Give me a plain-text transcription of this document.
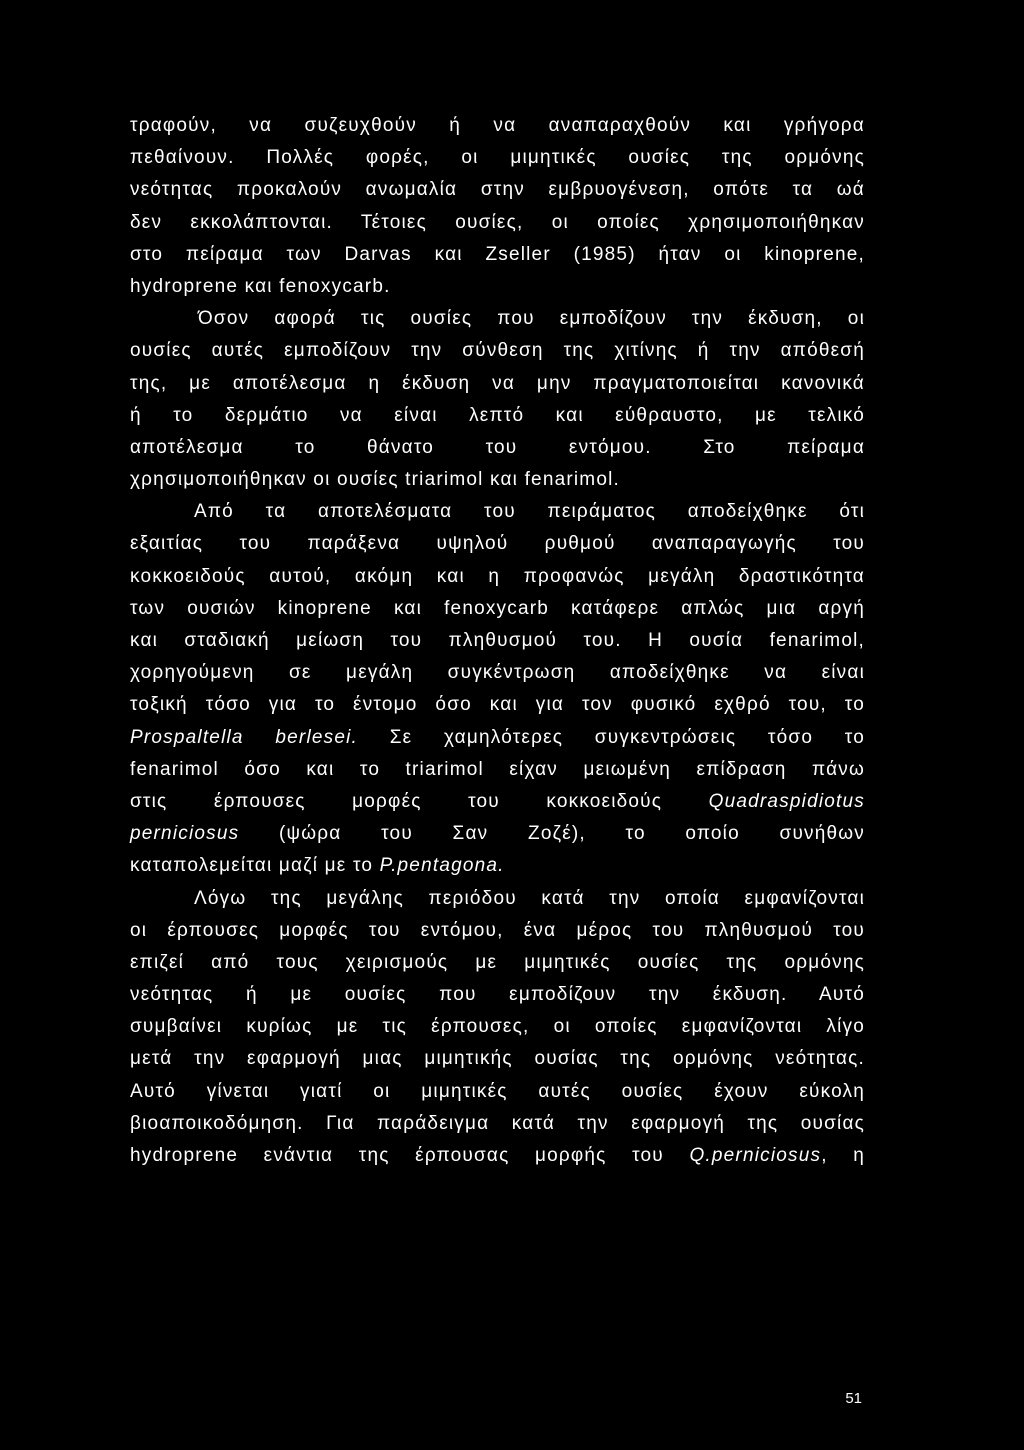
τραφούν, να συζευχθούν ή να αναπαραχθούν και γρήγορα
πεθαίνουν. Πολλές φορές, οι μιμητικές ουσίες της ορμόνης
νεότητας προκαλούν ανωμαλία στην εμβρυογένεση, οπότε τα ωά
δεν εκκολάπτονται. Τέτοιες ουσίες, οι οποίες χρησιμοποιήθηκαν
στο πείραμα των Darvas και Zseller (1985) ήταν οι kinoprene,
hydroprene και fenoxycarb.
Όσον αφορά τις ουσίες που εμποδίζουν την έκδυση, οι
ουσίες αυτές εμποδίζουν την σύνθεση της χιτίνης ή την απόθεσή
της, με αποτέλεσμα η έκδυση να μην πραγματοποιείται κανονικά
ή το δερμάτιο να είναι λεπτό και εύθραυστο, με τελικό
αποτέλεσμα το θάνατο του εντόμου. Στο πείραμα
χρησιμοποιήθηκαν οι ουσίες triarimol και fenarimol.
Από τα αποτελέσματα του πειράματος αποδείχθηκε ότι
εξαιτίας του παράξενα υψηλού ρυθμού αναπαραγωγής του
κοκκοειδούς αυτού, ακόμη και η προφανώς μεγάλη δραστικότητα
των ουσιών kinoprene και fenoxycarb κατάφερε απλώς μια αργή
και σταδιακή μείωση του πληθυσμού του. Η ουσία fenarimol,
χορηγούμενη σε μεγάλη συγκέντρωση αποδείχθηκε να είναι
τοξική τόσο για το έντομο όσο και για τον φυσικό εχθρό του, το
Prospaltella berlesei. Σε χαμηλότερες συγκεντρώσεις τόσο το
fenarimol όσο και το triarimol είχαν μειωμένη επίδραση πάνω
στις έρπουσες μορφές του κοκκοειδούς Quadraspidiotus
perniciosus (ψώρα του Σαν Ζοζέ), το οποίο συνήθων
καταπολεμείται μαζί με το P.pentagona.
Λόγω της μεγάλης περιόδου κατά την οποία εμφανίζονται
οι έρπουσες μορφές του εντόμου, ένα μέρος του πληθυσμού του
επιζεί από τους χειρισμούς με μιμητικές ουσίες της ορμόνης
νεότητας ή με ουσίες που εμποδίζουν την έκδυση. Αυτό
συμβαίνει κυρίως με τις έρπουσες, οι οποίες εμφανίζονται λίγο
μετά την εφαρμογή μιας μιμητικής ουσίας της ορμόνης νεότητας.
Αυτό γίνεται γιατί οι μιμητικές αυτές ουσίες έχουν εύκολη
βιοαποικοδόμηση. Για παράδειγμα κατά την εφαρμογή της ουσίας
hydroprene ενάντια της έρπουσας μορφής του Q.perniciosus, η
51
